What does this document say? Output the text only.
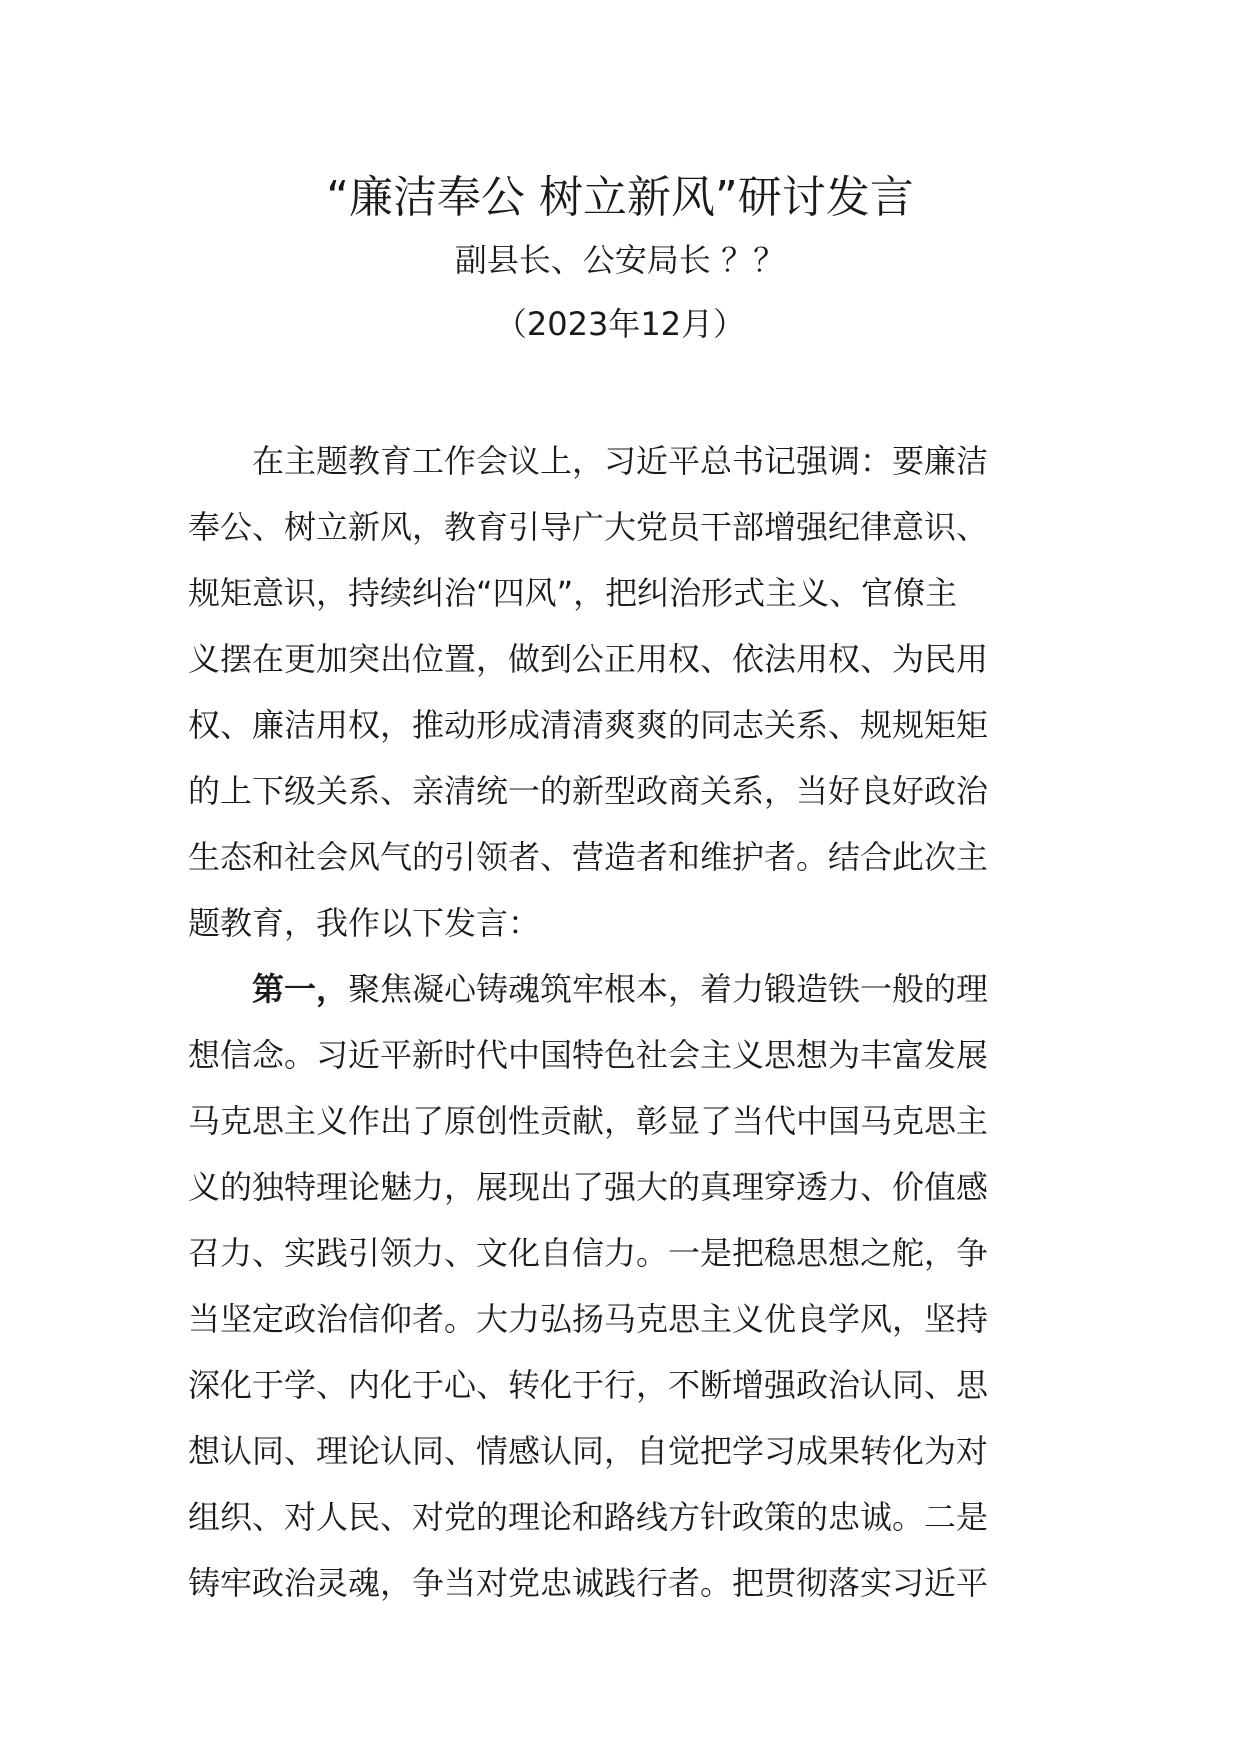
“廉洁奉公 树立新风”研讨发言
副县长、公安局长 ？？
（2023年12月）
在主题教育工作会议上，习近平总书记强调：要廉洁
奉公、树立新风，教育引导广大党员干部增强纪律意识、
规矩意识，持续纠治“四风”，把纠治形式主义、官僚主
义摆在更加突出位置，做到公正用权、依法用权、为民用
权、廉洁用权，推动形成清清爽爽的同志关系、规规矩矩
的上下级关系、亲清统一的新型政商关系，当好良好政治
生态和社会风气的引领者、营造者和维护者。结合此次主
题教育，我作以下发言：
第一，聚焦凝心铸魂筑牢根本，着力锻造铁一般的理
想信念。习近平新时代中国特色社会主义思想为丰富发展
马克思主义作出了原创性贡献，彰显了当代中国马克思主
义的独特理论魅力，展现出了强大的真理穿透力、价值感
召力、实践引领力、文化自信力。一是把稳思想之舵，争
当坚定政治信仰者。大力弘扬马克思主义优良学风，坚持
深化于学、内化于心、转化于行，不断增强政治认同、思
想认同、理论认同、情感认同，自觉把学习成果转化为对
组织、对人民、对党的理论和路线方针政策的忠诚。二是
铸牢政治灵魂，争当对党忠诚践行者。把贯彻落实习近平
